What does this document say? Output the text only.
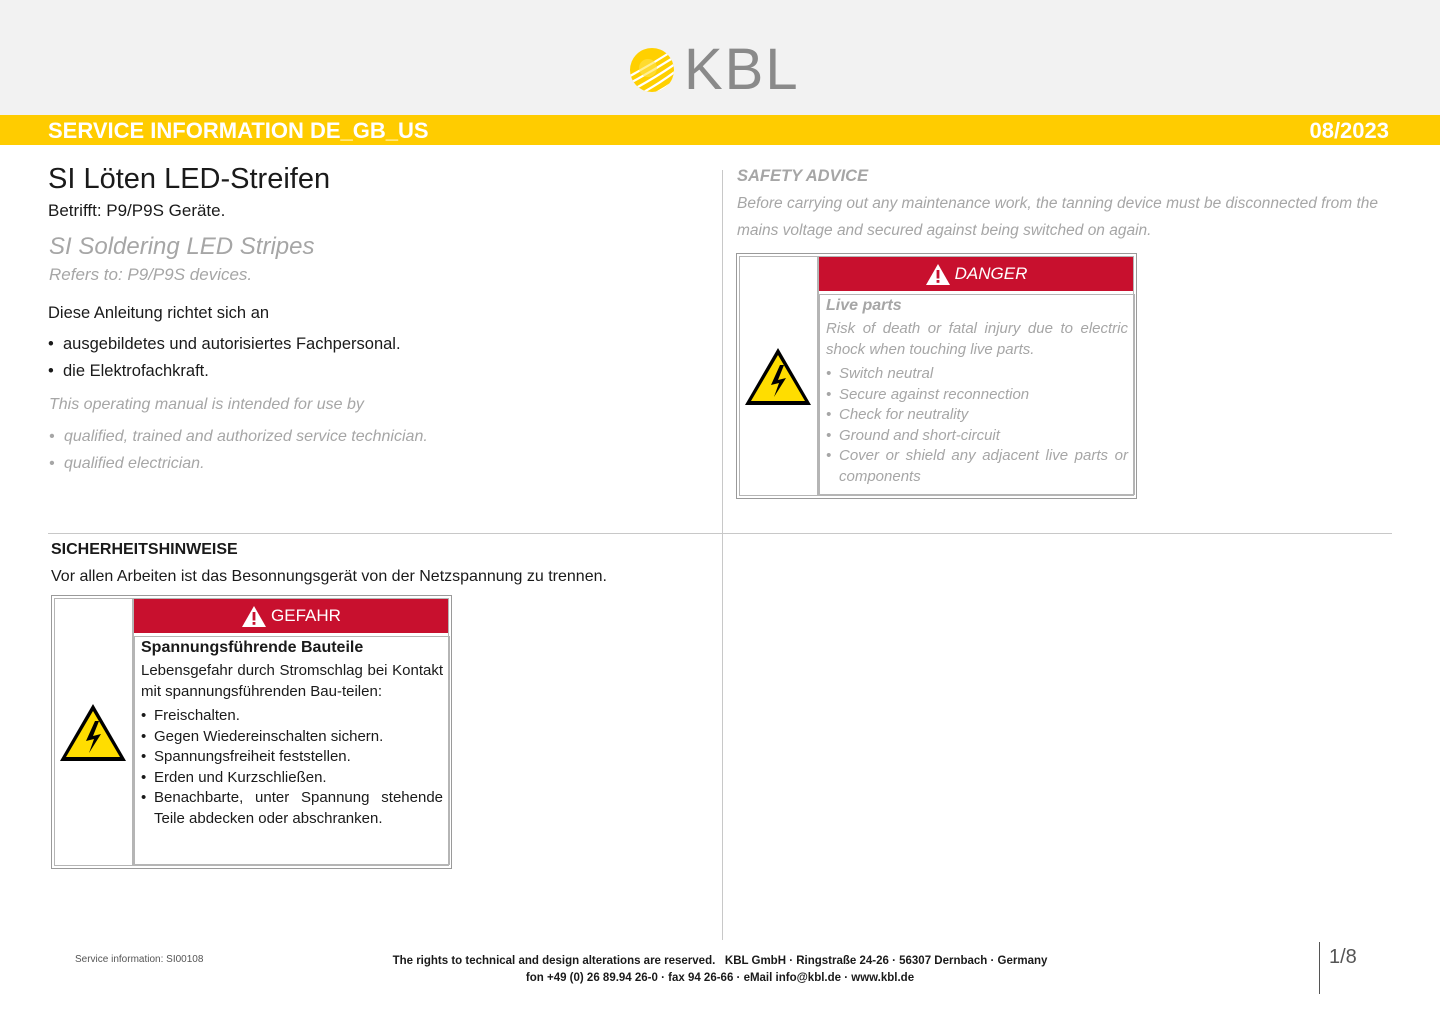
KBL
SERVICE INFORMATION DE_GB_US	08/2023
SI Löten LED-Streifen
Betrifft: P9/P9S Geräte.
SI Soldering LED Stripes
Refers to: P9/P9S devices.
Diese Anleitung richtet sich an
• ausgebildetes und autorisiertes Fachpersonal.
• die Elektrofachkraft.
This operating manual is intended for use by
• qualified, trained and authorized service technician.
• qualified electrician.
SAFETY ADVICE
Before carrying out any maintenance work, the tanning device must be disconnected from the mains voltage and secured against being switched on again.
DANGER

Live parts

Risk of death or fatal injury due to electric shock when touching live parts.

• Switch neutral
• Secure against reconnection
• Check for neutrality
• Ground and short-circuit
• Cover or shield any adjacent live parts or components
SICHERHEITSHINWEISE
Vor allen Arbeiten ist das Besonnungsgerät von der Netzspannung zu trennen.
GEFAHR

Spannungsführende Bauteile

Lebensgefahr durch Stromschlag bei Kontakt mit spannungsführenden Bau-teilen:

• Freischalten.
• Gegen Wiedereinschalten sichern.
• Spannungsfreiheit feststellen.
• Erden und Kurzschließen.
• Benachbarte, unter Spannung stehende Teile abdecken oder abschranken.
Service information: SI00108	The rights to technical and design alterations are reserved.   KBL GmbH · Ringstraße 24-26 · 56307 Dernbach · Germany
fon +49 (0) 26 89.94 26-0 · fax 94 26-66 · eMail info@kbl.de · www.kbl.de
1/8
